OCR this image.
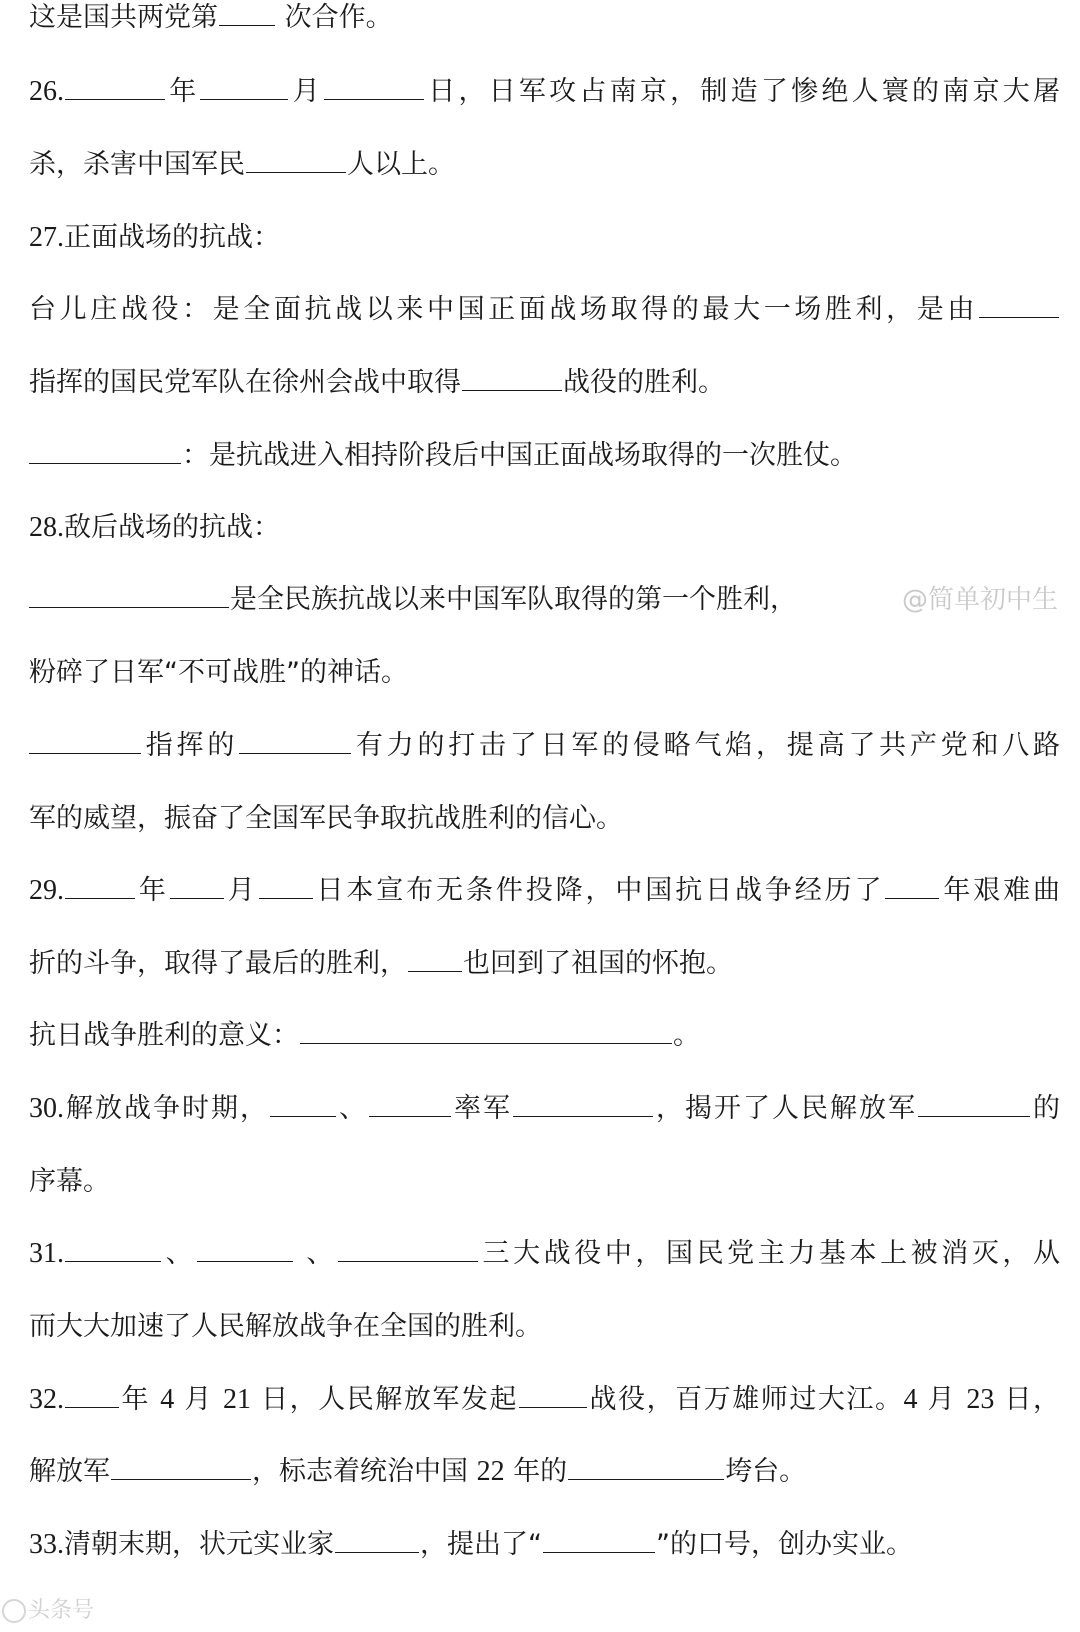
这是国共两党第 次合作。
26.	年	月	日，日军攻占南京，制造了惨绝人寰的南京大屠
杀，杀害中国军民	人以上。
27.正面战场的抗战：
台儿庄战役：是全面抗战以来中国正面战场取得的最大一场胜利，是由
指挥的国民党军队在徐州会战中取得	战役的胜利。
：是抗战进入相持阶段后中国正面战场取得的一次胜仗。
28.敌后战场的抗战：
是全民族抗战以来中国军队取得的第一个胜利，	@简单初中生
粉碎了日军“不可战胜”的神话。
指挥的	有力的打击了日军的侵略气焰，提高了共产党和八路
军的威望，振奋了全国军民争取抗战胜利的信心。
29.	年 月 日本宣布无条件投降，中国抗日战争经历了 年艰难曲
折的斗争，取得了最后的胜利， 也回到了祖国的怀抱。
抗日战争胜利的意义：	。
30.解放战争时期，	、	率军	，揭开了人民解放军	的
序幕。
31.	、	、	三大战役中，国民党主力基本上被消灭，从
而大大加速了人民解放战争在全国的胜利。
32. 年 4 月 21 日，人民解放军发起	战役，百万雄师过大江。4 月 23 日，
解放军	，标志着统治中国 22 年的	垮台。
33.清朝末期，状元实业家	，提出了“	”的口号，创办实业。
头条号
